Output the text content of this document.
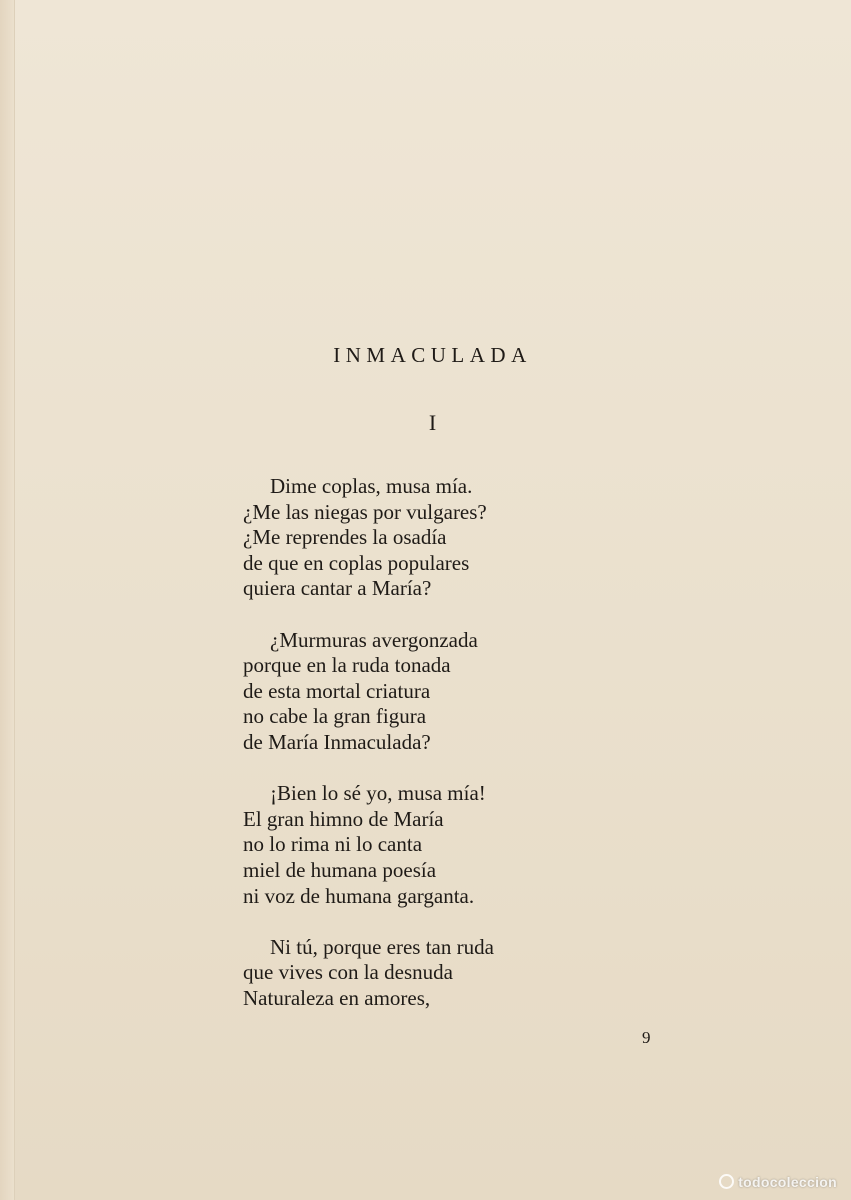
INMACULADA
I
Dime coplas, musa mía.
¿Me las niegas por vulgares?
¿Me reprendes la osadía
de que en coplas populares
quiera cantar a María?
¿Murmuras avergonzada
porque en la ruda tonada
de esta mortal criatura
no cabe la gran figura
de María Inmaculada?
¡Bien lo sé yo, musa mía!
El gran himno de María
no lo rima ni lo canta
miel de humana poesía
ni voz de humana garganta.
Ni tú, porque eres tan ruda
que vives con la desnuda
Naturaleza en amores,
9
todocoleccion
